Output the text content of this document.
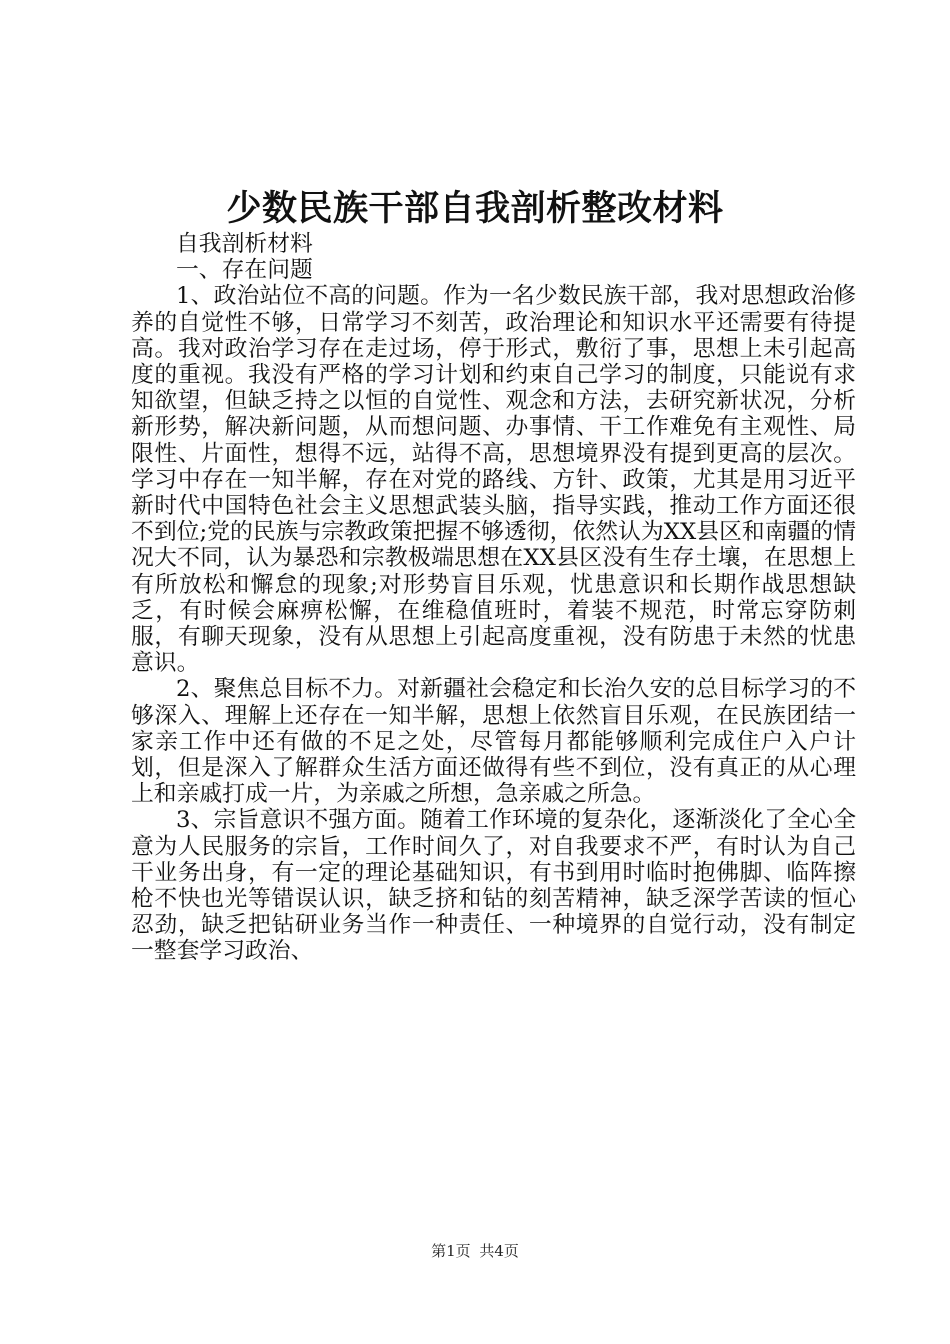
少数民族干部自我剖析整改材料

自我剖析材料

一、存在问题

1、政治站位不高的问题。作为一名少数民族干部，我对思想政治修养的自觉性不够，日常学习不刻苦，政治理论和知识水平还需要有待提高。我对政治学习存在走过场，停于形式，敷衍了事，思想上未引起高度的重视。我没有严格的学习计划和约束自己学习的制度，只能说有求知欲望，但缺乏持之以恒的自觉性、观念和方法，去研究新状况，分析新形势，解决新问题，从而想问题、办事情、干工作难免有主观性、局限性、片面性，想得不远，站得不高，思想境界没有提到更高的层次。学习中存在一知半解，存在对党的路线、方针、政策，尤其是用习近平新时代中国特色社会主义思想武装头脑，指导实践，推动工作方面还很不到位;党的民族与宗教政策把握不够透彻，依然认为XX县区和南疆的情况大不同，认为暴恐和宗教极端思想在XX县区没有生存土壤，在思想上有所放松和懈怠的现象;对形势盲目乐观，忧患意识和长期作战思想缺乏，有时候会麻痹松懈，在维稳值班时，着装不规范，时常忘穿防刺服，有聊天现象，没有从思想上引起高度重视，没有防患于未然的忧患意识。

2、聚焦总目标不力。对新疆社会稳定和长治久安的总目标学习的不够深入、理解上还存在一知半解，思想上依然盲目乐观，在民族团结一家亲工作中还有做的不足之处，尽管每月都能够顺利完成住户入户计划，但是深入了解群众生活方面还做得有些不到位，没有真正的从心理上和亲戚打成一片，为亲戚之所想，急亲戚之所急。

3、宗旨意识不强方面。随着工作环境的复杂化，逐渐淡化了全心全意为人民服务的宗旨，工作时间久了，对自我要求不严，有时认为自己干业务出身，有一定的理论基础知识，有书到用时临时抱佛脚、临阵擦枪不快也光等错误认识，缺乏挤和钻的刻苦精神，缺乏深学苦读的恒心忍劲，缺乏把钻研业务当作一种责任、一种境界的自觉行动，没有制定一整套学习政治、

第1页 共4页
